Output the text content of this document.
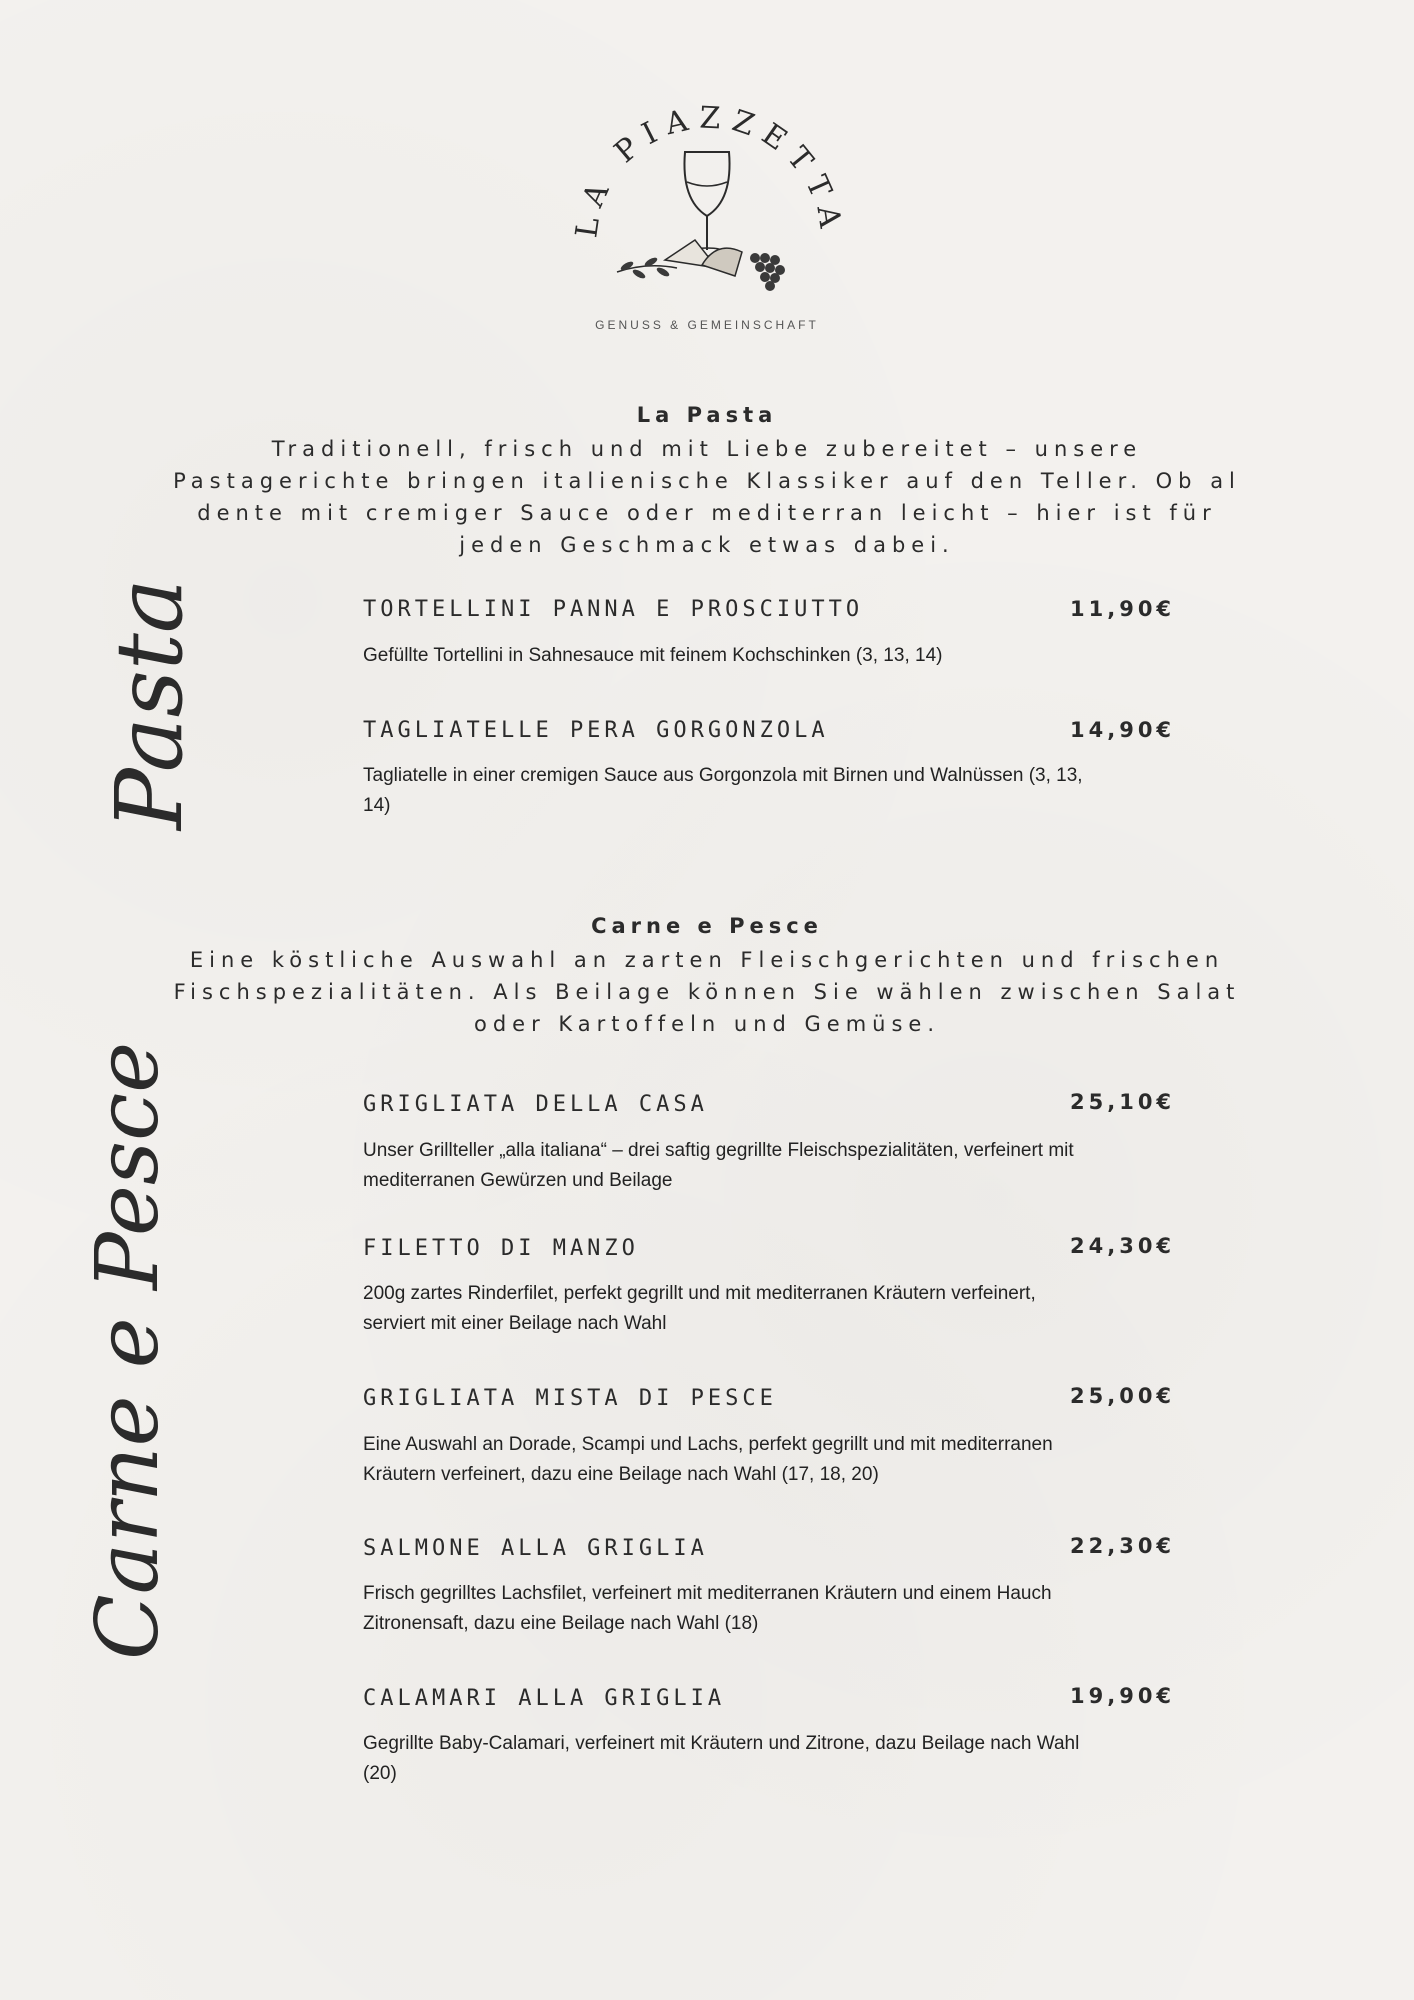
LA PIAZZETTA
GENUSS & GEMEINSCHAFT
Pasta
La Pasta
Traditionell, frisch und mit Liebe zubereitet – unsere Pastagerichte bringen italienische Klassiker auf den Teller. Ob al dente mit cremiger Sauce oder mediterran leicht – hier ist für jeden Geschmack etwas dabei.
TORTELLINI PANNA E PROSCIUTTO	11,90€
Gefüllte Tortellini in Sahnesauce mit feinem Kochschinken (3, 13, 14)
TAGLIATELLE PERA GORGONZOLA	14,90€
Tagliatelle in einer cremigen Sauce aus Gorgonzola mit Birnen und Walnüssen (3, 13, 14)
Carne e Pesce
Carne e Pesce
Eine köstliche Auswahl an zarten Fleischgerichten und frischen Fischspezialitäten. Als Beilage können Sie wählen zwischen Salat oder Kartoffeln und Gemüse.
GRIGLIATA DELLA CASA	25,10€
Unser Grillteller „alla italiana“ – drei saftig gegrillte Fleischspezialitäten, verfeinert mit mediterranen Gewürzen und Beilage
FILETTO DI MANZO	24,30€
200g zartes Rinderfilet, perfekt gegrillt und mit mediterranen Kräutern verfeinert, serviert mit einer Beilage nach Wahl
GRIGLIATA MISTA DI PESCE	25,00€
Eine Auswahl an Dorade, Scampi und Lachs, perfekt gegrillt und mit mediterranen Kräutern verfeinert, dazu eine Beilage nach Wahl (17, 18, 20)
SALMONE ALLA GRIGLIA	22,30€
Frisch gegrilltes Lachsfilet, verfeinert mit mediterranen Kräutern und einem Hauch Zitronensaft, dazu eine Beilage nach Wahl (18)
CALAMARI ALLA GRIGLIA	19,90€
Gegrillte Baby-Calamari, verfeinert mit Kräutern und Zitrone, dazu Beilage nach Wahl (20)
